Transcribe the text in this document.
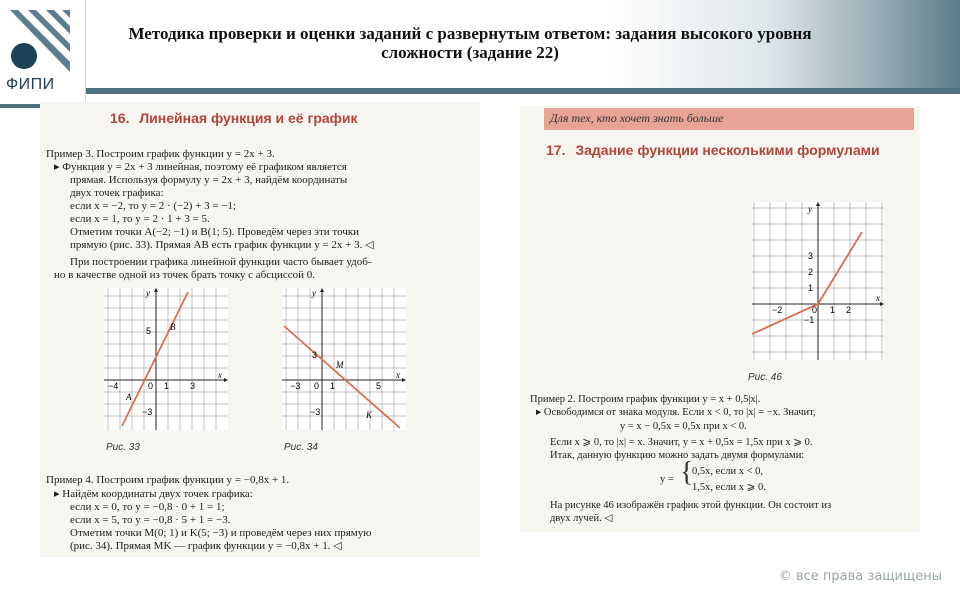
ФИПИ
Методика проверки и оценки заданий с развернутым ответом: задания высокого уровня сложности (задание 22)
16. Линейная функция и её график
Пример 3. Построим график функции y = 2x + 3.
▸ Функция y = 2x + 3 линейная, поэтому её графиком является
прямая. Используя формулу y = 2x + 3, найдём координаты
двух точек графика:
если x = −2, то y = 2 · (−2) + 3 = −1;
если x = 1, то y = 2 · 1 + 3 = 5.
Отметим точки A(−2; −1) и B(1; 5). Проведём через эти точки
прямую (рис. 33). Прямая AB есть график функции y = 2x + 3. ◁
При построении графика линейной функции часто бывает удоб-
но в качестве одной из точек брать точку с абсциссой 0.
y
x
5
0 1 3
−4
−3
A
B
Рис. 33
y
x
3
0 1	5
−3
−3
M
K
Рис. 34
Пример 4. Построим график функции y = −0,8x + 1.
▸ Найдём координаты двух точек графика:
если x = 0, то y = −0,8 · 0 + 1 = 1;
если x = 5, то y = −0,8 · 5 + 1 = −3.
Отметим точки M(0; 1) и K(5; −3) и проведём через них прямую
(рис. 34). Прямая MK — график функции y = −0,8x + 1. ◁
Для тех, кто хочет знать больше
17. Задание функции несколькими формулами
y
x
3
2
1
−1
−2	0 1 2
Рис. 46
Пример 2. Построим график функции y = x + 0,5|x|.
▸ Освободимся от знака модуля. Если x < 0, то |x| = −x. Значит,
y = x − 0,5x = 0,5x при x < 0.
Если x ⩾ 0, то |x| = x. Значит, y = x + 0,5x = 1,5x при x ⩾ 0.
Итак, данную функцию можно задать двумя формулами:
y = {
0,5x, если x < 0,
1,5x, если x ⩾ 0.
На рисунке 46 изображён график этой функции. Он состоит из
двух лучей. ◁
© все права защищены
